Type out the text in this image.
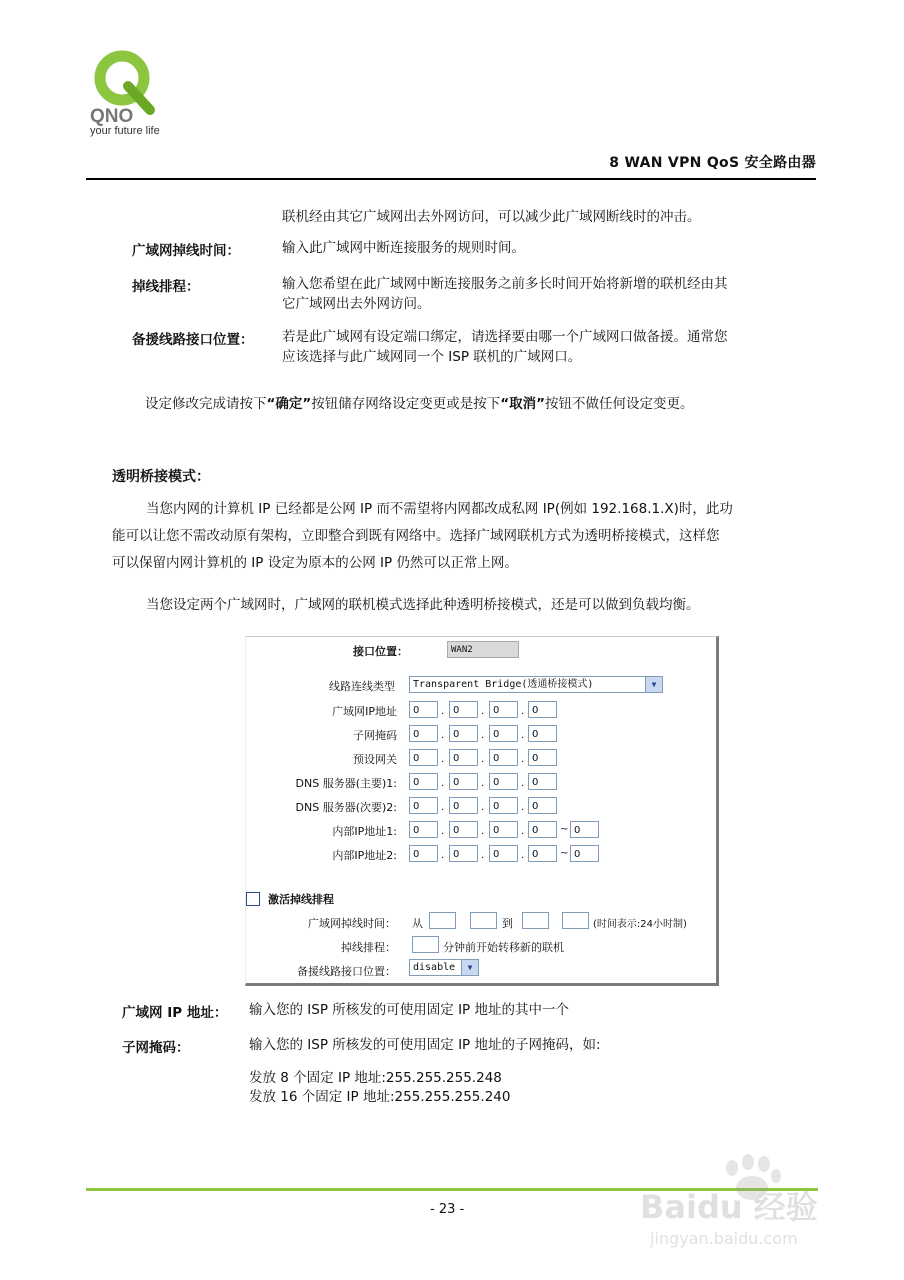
QNO
your future life
8 WAN VPN QoS 安全路由器
联机经由其它广域网出去外网访问，可以减少此广域网断线时的冲击。
广域网掉线时间：	输入此广域网中断连接服务的规则时间。
掉线排程：	输入您希望在此广域网中断连接服务之前多长时间开始将新增的联机经由其
它广域网出去外网访问。
备援线路接口位置： 若是此广域网有设定端口绑定，请选择要由哪一个广域网口做备援。通常您
应该选择与此广域网同一个 ISP 联机的广域网口。
设定修改完成请按下“确定”按钮储存网络设定变更或是按下“取消”按钮不做任何设定变更。
透明桥接模式：
当您内网的计算机 IP 已经都是公网 IP 而不需望将内网都改成私网 IP(例如 192.168.1.X)时，此功
能可以让您不需改动原有架构，立即整合到既有网络中。选择广域网联机方式为透明桥接模式，这样您
可以保留内网计算机的 IP 设定为原本的公网 IP 仍然可以正常上网。
当您设定两个广域网时，广域网的联机模式选择此种透明桥接模式，还是可以做到负载均衡。
接口位置：	WAN2
线路连线类型	Transparent Bridge(透通桥接模式)	▼
广域网IP地址	0	. 0	. 0	. 0
子网掩码	0	. 0	. 0	. 0
预设网关	0	. 0	. 0	. 0
DNS 服务器(主要)1:	0	. 0	. 0	. 0
DNS 服务器(次要)2:	0	. 0	. 0	. 0
内部IP地址1:	0	. 0	. 0	. 0	~ 0
内部IP地址2:	0	. 0	. 0	. 0	~ 0
激活掉线排程
广域网掉线时间： 从	到	(时间表示:24小时制)
掉线排程：	分钟前开始转移新的联机
备援线路接口位置：	disable	▼
广域网 IP 地址： 输入您的 ISP 所核发的可使用固定 IP 地址的其中一个
子网掩码：	输入您的 ISP 所核发的可使用固定 IP 地址的子网掩码，如:
发放 8 个固定 IP 地址:255.255.255.248
发放 16 个固定 IP 地址:255.255.255.240
- 23 -	Baidu 经验
jingyan.baidu.com
